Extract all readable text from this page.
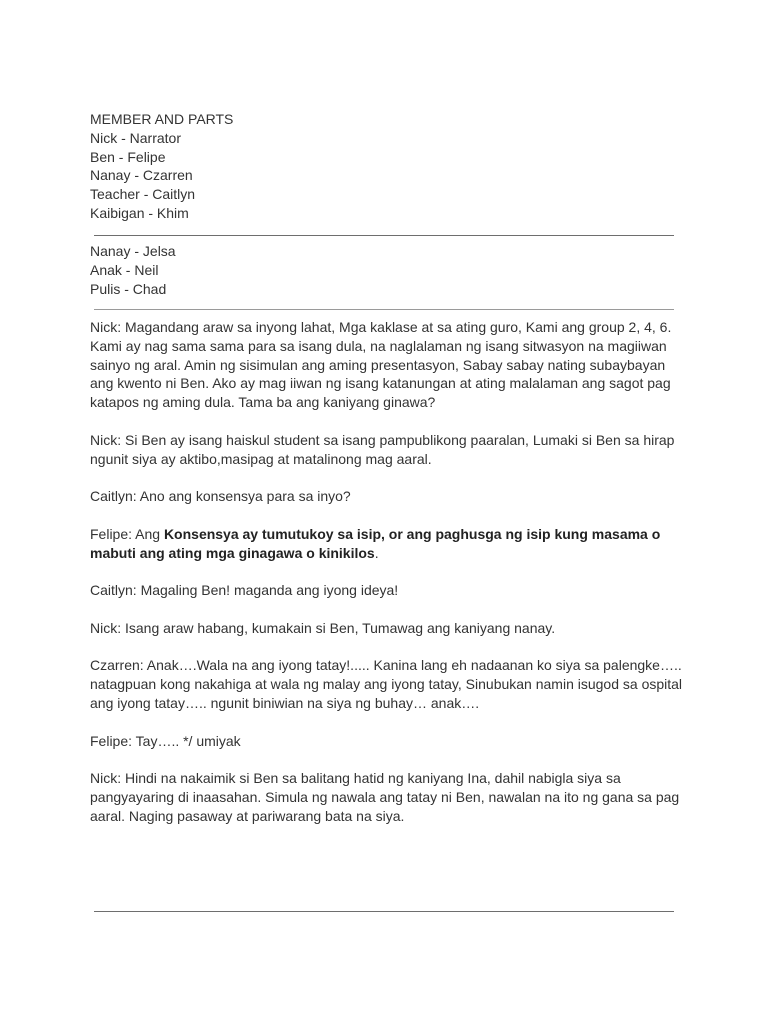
MEMBER AND PARTS
Nick - Narrator
Ben - Felipe
Nanay - Czarren
Teacher - Caitlyn
Kaibigan - Khim
Nanay - Jelsa
Anak - Neil
Pulis - Chad
Nick: Magandang araw sa inyong lahat, Mga kaklase at sa ating guro, Kami ang group 2, 4, 6.
Kami ay nag sama sama para sa isang dula, na naglalaman ng isang sitwasyon na magiiwan
sainyo ng aral. Amin ng sisimulan ang aming presentasyon, Sabay sabay nating subaybayan
ang kwento ni Ben. Ako ay mag iiwan ng isang katanungan at ating malalaman ang sagot pag
katapos ng aming dula. Tama ba ang kaniyang ginawa?
Nick: Si Ben ay isang haiskul student sa isang pampublikong paaralan, Lumaki si Ben sa hirap
ngunit siya ay aktibo,masipag at matalinong mag aaral.
Caitlyn: Ano ang konsensya para sa inyo?
Felipe: Ang Konsensya ay tumutukoy sa isip, or ang paghusga ng isip kung masama o
mabuti ang ating mga ginagawa o kinikilos.
Caitlyn: Magaling Ben! maganda ang iyong ideya!
Nick: Isang araw habang, kumakain si Ben, Tumawag ang kaniyang nanay.
Czarren: Anak….Wala na ang iyong tatay!..... Kanina lang eh nadaanan ko siya sa palengke…..
natagpuan kong nakahiga at wala ng malay ang iyong tatay, Sinubukan namin isugod sa ospital
ang iyong tatay….. ngunit biniwian na siya ng buhay… anak….
Felipe: Tay….. */ umiyak
Nick: Hindi na nakaimik si Ben sa balitang hatid ng kaniyang Ina, dahil nabigla siya sa
pangyayaring di inaasahan. Simula ng nawala ang tatay ni Ben, nawalan na ito ng gana sa pag
aaral. Naging pasaway at pariwarang bata na siya.
